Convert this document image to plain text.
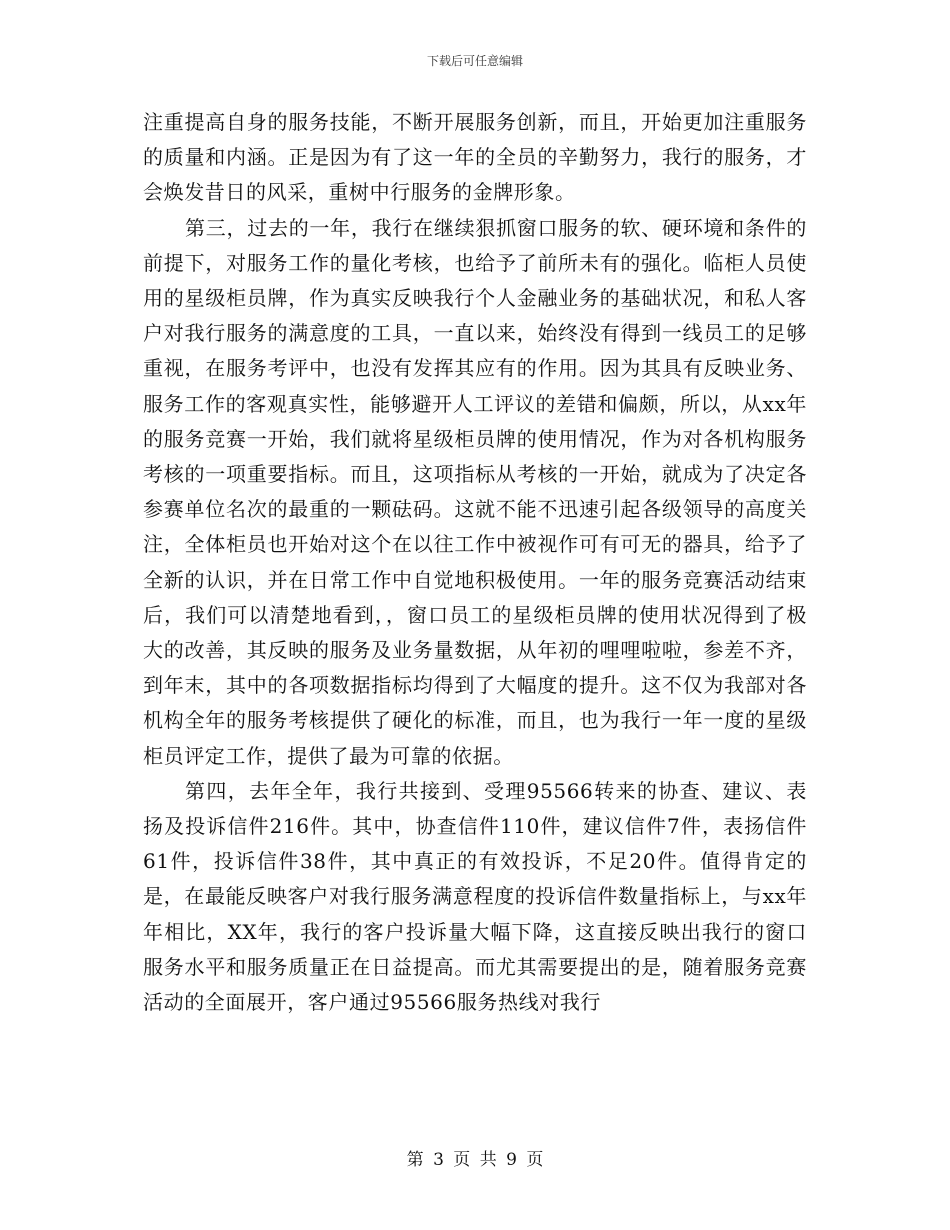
下载后可任意编辑

注重提高自身的服务技能，不断开展服务创新，而且，开始更加注重服务的质量和内涵。正是因为有了这一年的全员的辛勤努力，我行的服务，才会焕发昔日的风采，重树中行服务的金牌形象。

第三，过去的一年，我行在继续狠抓窗口服务的软、硬环境和条件的前提下，对服务工作的量化考核，也给予了前所未有的强化。临柜人员使用的星级柜员牌，作为真实反映我行个人金融业务的基础状况，和私人客户对我行服务的满意度的工具，一直以来，始终没有得到一线员工的足够重视，在服务考评中，也没有发挥其应有的作用。因为其具有反映业务、服务工作的客观真实性，能够避开人工评议的差错和偏颇，所以，从xx年的服务竞赛一开始，我们就将星级柜员牌的使用情况，作为对各机构服务考核的一项重要指标。而且，这项指标从考核的一开始，就成为了决定各参赛单位名次的最重的一颗砝码。这就不能不迅速引起各级领导的高度关注，全体柜员也开始对这个在以往工作中被视作可有可无的器具，给予了全新的认识，并在日常工作中自觉地积极使用。一年的服务竞赛活动结束后，我们可以清楚地看到，，窗口员工的星级柜员牌的使用状况得到了极大的改善，其反映的服务及业务量数据，从年初的哩哩啦啦，参差不齐，到年末，其中的各项数据指标均得到了大幅度的提升。这不仅为我部对各机构全年的服务考核提供了硬化的标准，而且，也为我行一年一度的星级柜员评定工作，提供了最为可靠的依据。

第四，去年全年，我行共接到、受理95566转来的协查、建议、表扬及投诉信件216件。其中，协查信件110件，建议信件7件，表扬信件61件，投诉信件38件，其中真正的有效投诉，不足20件。值得肯定的是，在最能反映客户对我行服务满意程度的投诉信件数量指标上，与xx年年相比，XX年，我行的客户投诉量大幅下降，这直接反映出我行的窗口服务水平和服务质量正在日益提高。而尤其需要提出的是，随着服务竞赛活动的全面展开，客户通过95566服务热线对我行

第 3 页 共 9 页
